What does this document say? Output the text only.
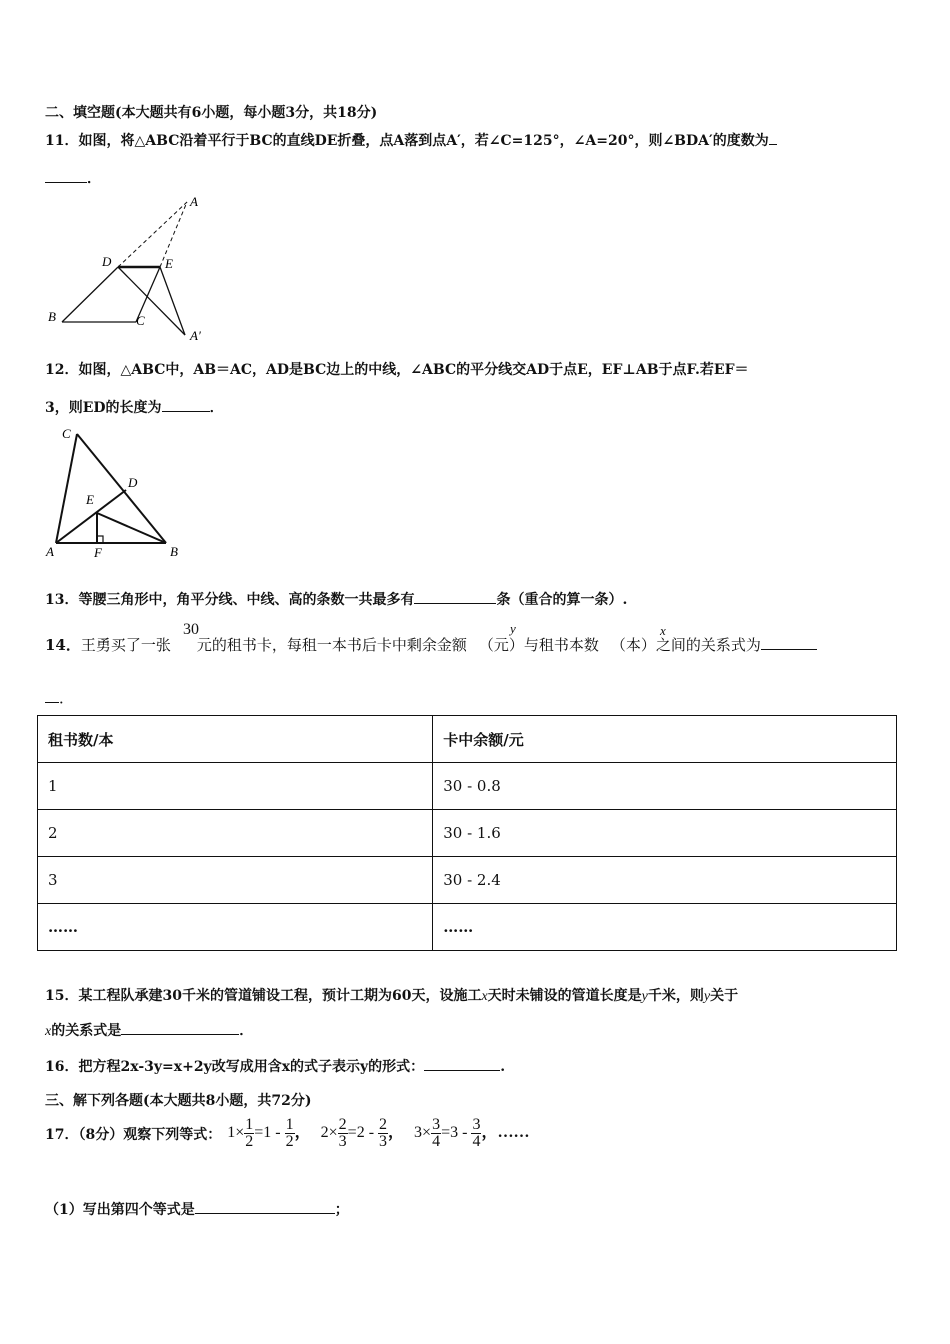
二、填空题(本大题共有6小题，每小题3分，共18分)
11．如图，将△ABC沿着平行于BC的直线DE折叠，点A落到点A′，若∠C=125°，∠A=20°，则∠BDA′的度数为
．
A
D	E
B	C
A′
12．如图，△ABC中，AB＝AC，AD是BC边上的中线，∠ABC的平分线交AD于点E，EF⊥AB于点F.若EF＝
3，则ED的长度为	．
C
D
E
A	F	B
13．等腰三角形中，角平分线、中线、高的条数一共最多有	条（重合的算一条）.
14．王勇买了一张 元的租书卡，每租一本书后卡中剩余金额 （元）与租书本数 （本）之间的关系式为
30	y	x
．
租书数/本	卡中余额/元
1	30 - 0.8
2	30 - 1.6
3	30 - 2.4
……	……
15．某工程队承建30千米的管道铺设工程，预计工期为60天，设施工x天时未铺设的管道长度是y千米，则y关于
x的关系式是	．
16．把方程2x-3y=x+2y改写成用含x的式子表示y的形式：	.
三、解下列各题(本大题共8小题，共72分)
17．（8分）观察下列等式： $1\times \frac{1}{2} =1 - \frac{1}{2}$ ， $2\times \frac{2}{3} =2 - \frac{2}{3}$ ， $3\times \frac{3}{4} =3 - \frac{3}{4}$ ，……
（1）写出第四个等式是	；
